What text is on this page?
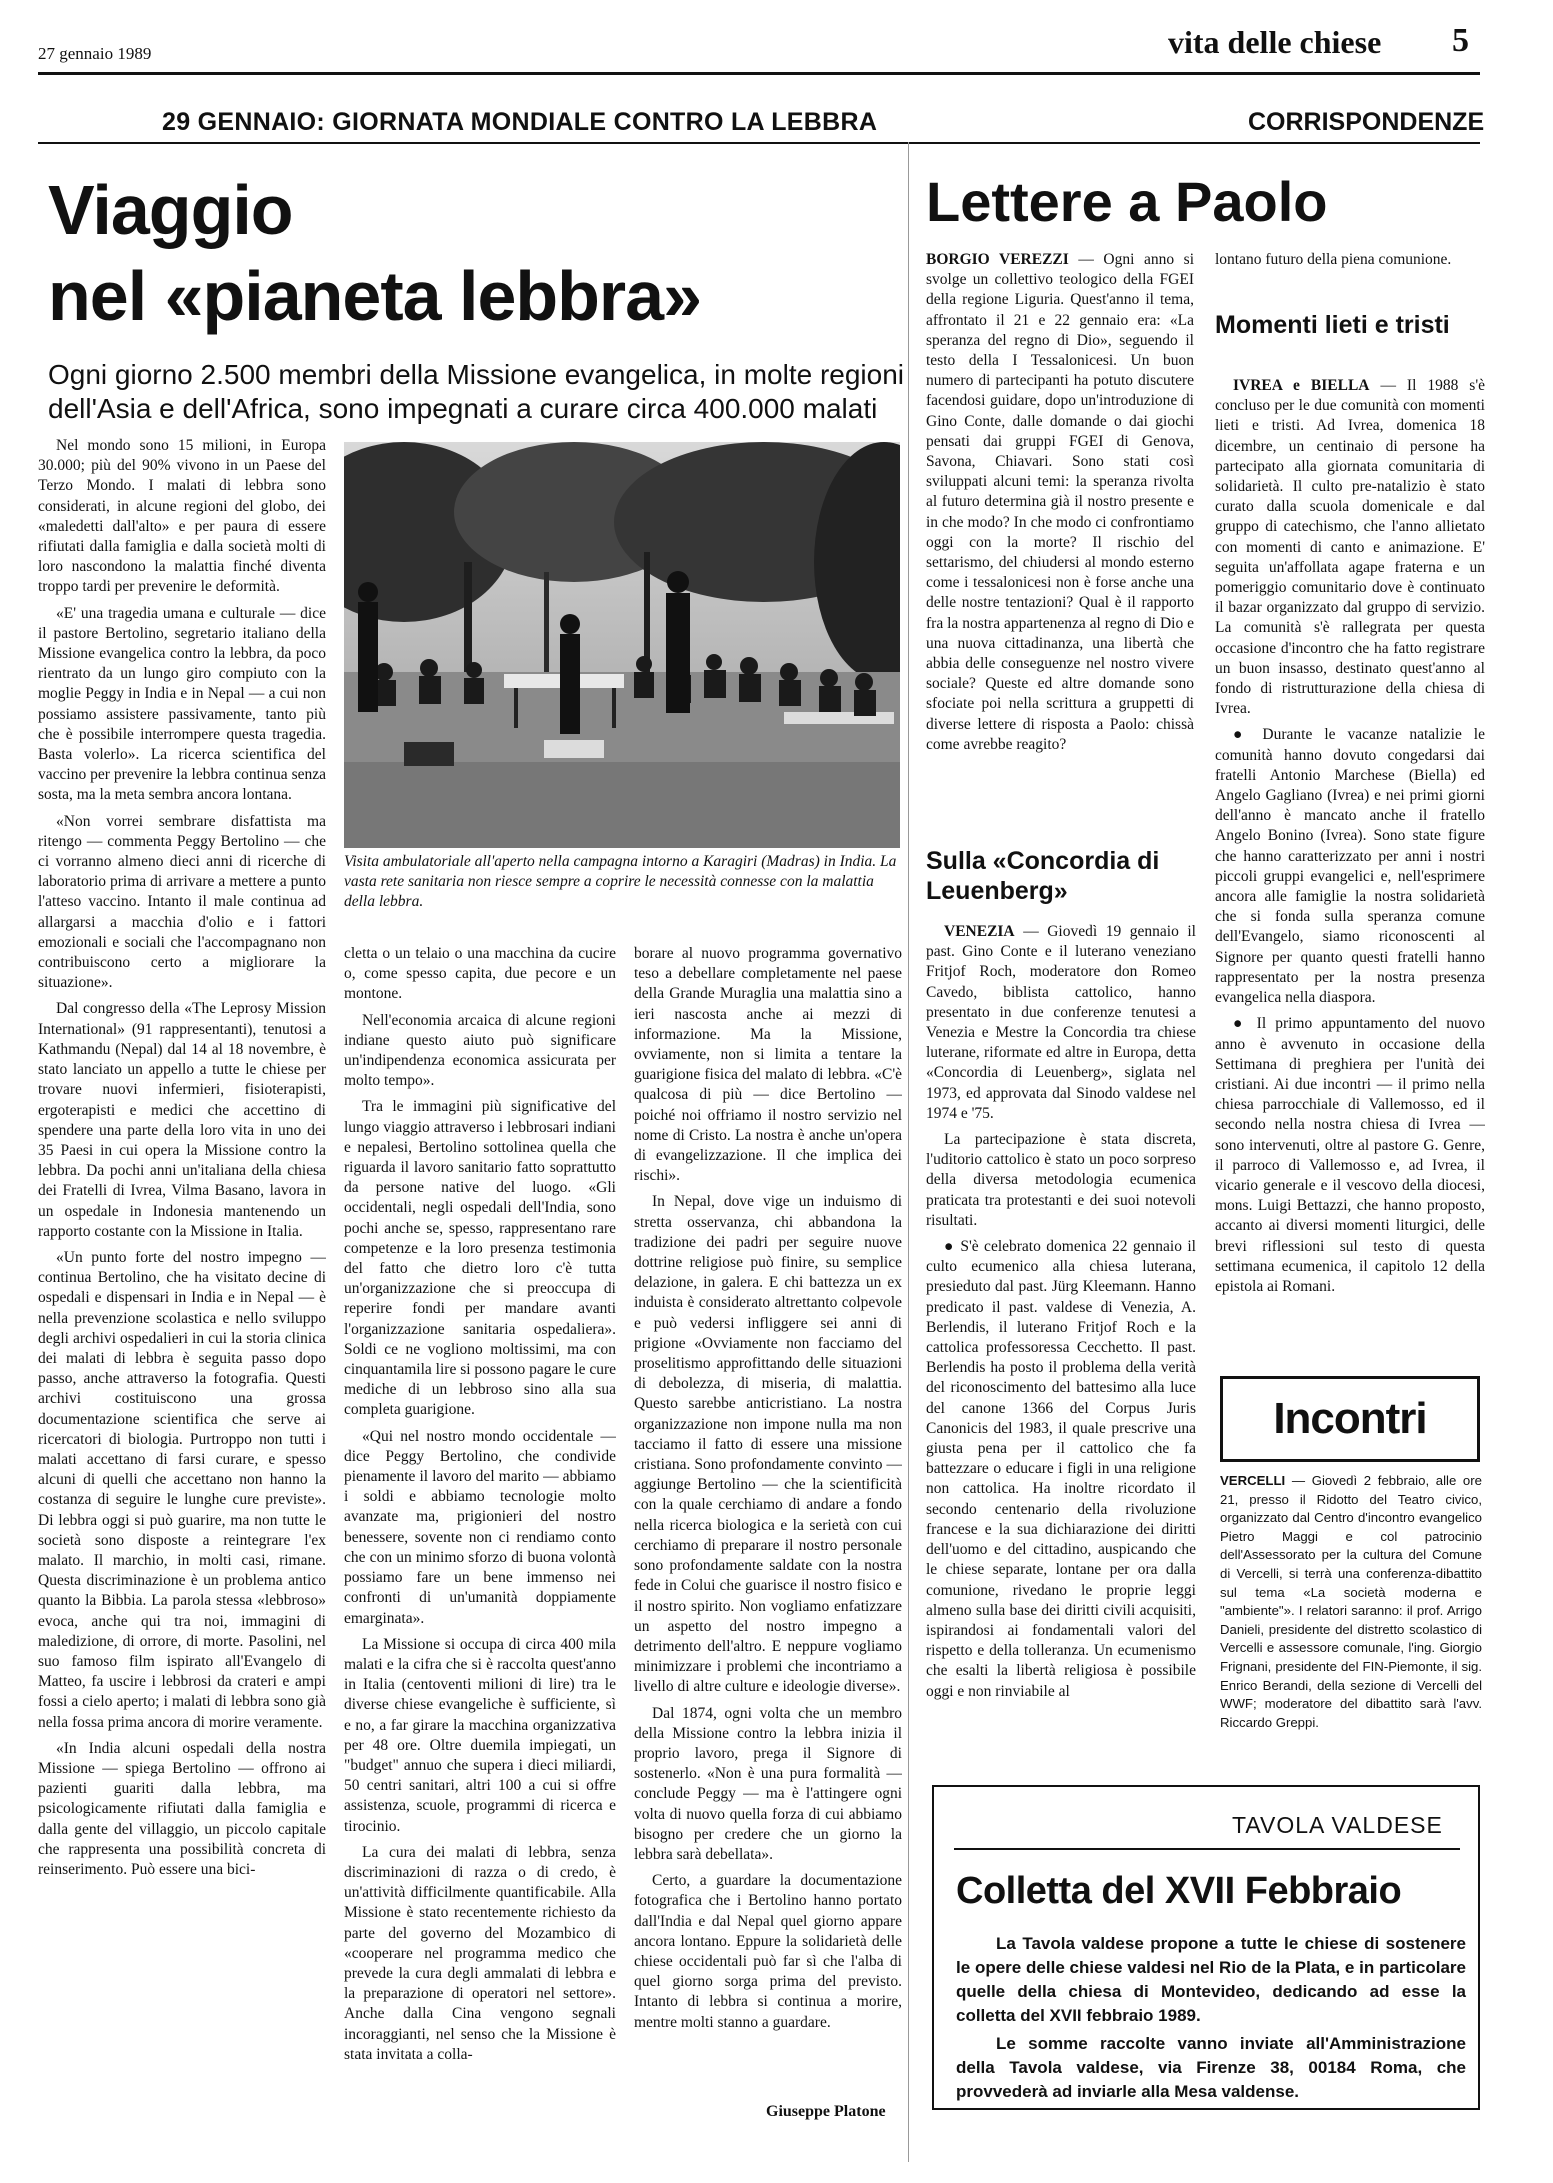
27 gennaio 1989	vita delle chiese 5
29 GENNAIO: GIORNATA MONDIALE CONTRO LA LEBBRA	CORRISPONDENZE
Viaggio
nel «pianeta lebbra»
Ogni giorno 2.500 membri della Missione evangelica, in molte regioni dell'Asia e dell'Africa, sono impegnati a curare circa 400.000 malati

Nel mondo sono 15 milioni, in Europa 30.000; più del 90% vivono in un Paese del Terzo Mondo. I malati di lebbra sono considerati, in alcune regioni del globo, dei «maledetti dall'alto» e per paura di essere rifiutati dalla famiglia e dalla società molti di loro nascondono la malattia finché diventa troppo tardi per prevenire le deformità.

«E' una tragedia umana e culturale — dice il pastore Bertolino, segretario italiano della Missione evangelica contro la lebbra, da poco rientrato da un lungo giro compiuto con la moglie Peggy in India e in Nepal — a cui non possiamo assistere passivamente, tanto più che è possibile interrompere questa tragedia. Basta volerlo». La ricerca scientifica del vaccino per prevenire la lebbra continua senza sosta, ma la meta sembra ancora lontana.

«Non vorrei sembrare disfattista ma ritengo — commenta Peggy Bertolino — che ci vorranno almeno dieci anni di ricerche di laboratorio prima di arrivare a mettere a punto l'atteso vaccino. Intanto il male continua ad allargarsi a macchia d'olio e i fattori emozionali e sociali che l'accompagnano non contribuiscono certo a migliorare la situazione».

Dal congresso della «The Leprosy Mission International» (91 rappresentanti), tenutosi a Kathmandu (Nepal) dal 14 al 18 novembre, è stato lanciato un appello a tutte le chiese per trovare nuovi infermieri, fisioterapisti, ergoterapisti e medici che accettino di spendere una parte della loro vita in uno dei 35 Paesi in cui opera la Missione contro la lebbra. Da pochi anni un'italiana della chiesa dei Fratelli di Ivrea, Vilma Basano, lavora in un ospedale in Indonesia mantenendo un rapporto costante con la Missione in Italia.

«Un punto forte del nostro impegno — continua Bertolino, che ha visitato decine di ospedali e dispensari in India e in Nepal — è nella prevenzione scolastica e nello sviluppo degli archivi ospedalieri in cui la storia clinica dei malati di lebbra è seguita passo dopo passo, anche attraverso la fotografia. Questi archivi costituiscono una grossa documentazione scientifica che serve ai ricercatori di biologia. Purtroppo non tutti i malati accettano di farsi curare, e spesso alcuni di quelli che accettano non hanno la costanza di seguire le lunghe cure previste». Di lebbra oggi si può guarire, ma non tutte le società sono disposte a reintegrare l'ex malato. Il marchio, in molti casi, rimane. Questa discriminazione è un problema antico quanto la Bibbia. La parola stessa «lebbroso» evoca, anche qui tra noi, immagini di maledizione, di orrore, di morte. Pasolini, nel suo famoso film ispirato all'Evangelo di Matteo, fa uscire i lebbrosi da crateri e ampi fossi a cielo aperto; i malati di lebbra sono già nella fossa prima ancora di morire veramente.

«In India alcuni ospedali della nostra Missione — spiega Bertolino — offrono ai pazienti guariti dalla lebbra, ma psicologicamente rifiutati dalla famiglia e dalla gente del villaggio, un piccolo capitale che rappresenta una possibilità concreta di reinserimento. Può essere una bici-

Visita ambulatoriale all'aperto nella campagna intorno a Karagiri (Madras) in India. La vasta rete sanitaria non riesce sempre a coprire le necessità connesse con la malattia della lebbra.

cletta o un telaio o una macchina da cucire o, come spesso capita, due pecore e un montone.

Nell'economia arcaica di alcune regioni indiane questo aiuto può significare un'indipendenza economica assicurata per molto tempo».

Tra le immagini più significative del lungo viaggio attraverso i lebbrosari indiani e nepalesi, Bertolino sottolinea quella che riguarda il lavoro sanitario fatto soprattutto da persone native del luogo. «Gli occidentali, negli ospedali dell'India, sono pochi anche se, spesso, rappresentano rare competenze e la loro presenza testimonia del fatto che dietro loro c'è tutta un'organizzazione che si preoccupa di reperire fondi per mandare avanti l'organizzazione sanitaria ospedaliera». Soldi ce ne vogliono moltissimi, ma con cinquantamila lire si possono pagare le cure mediche di un lebbroso sino alla sua completa guarigione.

«Qui nel nostro mondo occidentale — dice Peggy Bertolino, che condivide pienamente il lavoro del marito — abbiamo i soldi e abbiamo tecnologie molto avanzate ma, prigionieri del nostro benessere, sovente non ci rendiamo conto che con un minimo sforzo di buona volontà possiamo fare un bene immenso nei confronti di un'umanità doppiamente emarginata».

La Missione si occupa di circa 400 mila malati e la cifra che si è raccolta quest'anno in Italia (centoventi milioni di lire) tra le diverse chiese evangeliche è sufficiente, sì e no, a far girare la macchina organizzativa per 48 ore. Oltre duemila impiegati, un "budget" annuo che supera i dieci miliardi, 50 centri sanitari, altri 100 a cui si offre assistenza, scuole, programmi di ricerca e tirocinio.

La cura dei malati di lebbra, senza discriminazioni di razza o di credo, è un'attività difficilmente quantificabile. Alla Missione è stato recentemente richiesto da parte del governo del Mozambico di «cooperare nel programma medico che prevede la cura degli ammalati di lebbra e la preparazione di operatori nel settore». Anche dalla Cina vengono segnali incoraggianti, nel senso che la Missione è stata invitata a colla-

borare al nuovo programma governativo teso a debellare completamente nel paese della Grande Muraglia una malattia sino a ieri nascosta anche ai mezzi di informazione. Ma la Missione, ovviamente, non si limita a tentare la guarigione fisica del malato di lebbra. «C'è qualcosa di più — dice Bertolino — poiché noi offriamo il nostro servizio nel nome di Cristo. La nostra è anche un'opera di evangelizzazione. Il che implica dei rischi».

In Nepal, dove vige un induismo di stretta osservanza, chi abbandona la tradizione dei padri per seguire nuove dottrine religiose può finire, su semplice delazione, in galera. E chi battezza un ex induista è considerato altrettanto colpevole e può vedersi infliggere sei anni di prigione «Ovviamente non facciamo del proselitismo approfittando delle situazioni di debolezza, di miseria, di malattia. Questo sarebbe anticristiano. La nostra organizzazione non impone nulla ma non tacciamo il fatto di essere una missione cristiana. Sono profondamente convinto — aggiunge Bertolino — che la scientificità con la quale cerchiamo di andare a fondo nella ricerca biologica e la serietà con cui cerchiamo di preparare il nostro personale sono profondamente saldate con la nostra fede in Colui che guarisce il nostro fisico e il nostro spirito. Non vogliamo enfatizzare un aspetto del nostro impegno a detrimento dell'altro. E neppure vogliamo minimizzare i problemi che incontriamo a livello di altre culture e ideologie diverse».

Dal 1874, ogni volta che un membro della Missione contro la lebbra inizia il proprio lavoro, prega il Signore di sostenerlo. «Non è una pura formalità — conclude Peggy — ma è l'attingere ogni volta di nuovo quella forza di cui abbiamo bisogno per credere che un giorno la lebbra sarà debellata».

Certo, a guardare la documentazione fotografica che i Bertolino hanno portato dall'India e dal Nepal quel giorno appare ancora lontano. Eppure la solidarietà delle chiese occidentali può far sì che l'alba di quel giorno sorga prima del previsto. Intanto di lebbra si continua a morire, mentre molti stanno a guardare.

Giuseppe Platone
Lettere a Paolo

BORGIO VEREZZI — Ogni anno si svolge un collettivo teologico della FGEI della regione Liguria. Quest'anno il tema, affrontato il 21 e 22 gennaio era: «La speranza del regno di Dio», seguendo il testo della I Tessalonicesi. Un buon numero di partecipanti ha potuto discutere facendosi guidare, dopo un'introduzione di Gino Conte, dalle domande o dai giochi pensati dai gruppi FGEI di Genova, Savona, Chiavari. Sono stati così sviluppati alcuni temi: la speranza rivolta al futuro determina già il nostro presente e in che modo? In che modo ci confrontiamo oggi con la morte? Il rischio del settarismo, del chiudersi al mondo esterno come i tessalonicesi non è forse anche una delle nostre tentazioni? Qual è il rapporto fra la nostra appartenenza al regno di Dio e una nuova cittadinanza, una libertà che abbia delle conseguenze nel nostro vivere sociale? Queste ed altre domande sono sfociate poi nella scrittura a gruppetti di diverse lettere di risposta a Paolo: chissà come avrebbe reagito?

Sulla «Concordia di Leuenberg»

VENEZIA — Giovedì 19 gennaio il past. Gino Conte e il luterano veneziano Fritjof Roch, moderatore don Romeo Cavedo, biblista cattolico, hanno presentato in due conferenze tenutesi a Venezia e Mestre la Concordia tra chiese luterane, riformate ed altre in Europa, detta «Concordia di Leuenberg», siglata nel 1973, ed approvata dal Sinodo valdese nel 1974 e '75.

La partecipazione è stata discreta, l'uditorio cattolico è stato un poco sorpreso della diversa metodologia ecumenica praticata tra protestanti e dei suoi notevoli risultati.

● S'è celebrato domenica 22 gennaio il culto ecumenico alla chiesa luterana, presieduto dal past. Jürg Kleemann. Hanno predicato il past. valdese di Venezia, A. Berlendis, il luterano Fritjof Roch e la cattolica professoressa Cecchetto. Il past. Berlendis ha posto il problema della verità del riconoscimento del battesimo alla luce del canone 1366 del Corpus Juris Canonicis del 1983, il quale prescrive una giusta pena per il cattolico che fa battezzare o educare i figli in una religione non cattolica. Ha inoltre ricordato il secondo centenario della rivoluzione francese e la sua dichiarazione dei diritti dell'uomo e del cittadino, auspicando che le chiese separate, lontane per ora dalla comunione, rivedano le proprie leggi almeno sulla base dei diritti civili acquisiti, ispirandosi ai fondamentali valori del rispetto e della tolleranza. Un ecumenismo che esalti la libertà religiosa è possibile oggi e non rinviabile al

lontano futuro della piena comunione.

Momenti lieti e tristi

IVREA e BIELLA — Il 1988 s'è concluso per le due comunità con momenti lieti e tristi. Ad Ivrea, domenica 18 dicembre, un centinaio di persone ha partecipato alla giornata comunitaria di solidarietà. Il culto pre-natalizio è stato curato dalla scuola domenicale e dal gruppo di catechismo, che l'anno allietato con momenti di canto e animazione. E' seguita un'affollata agape fraterna e un pomeriggio comunitario dove è continuato il bazar organizzato dal gruppo di servizio. La comunità s'è rallegrata per questa occasione d'incontro che ha fatto registrare un buon insasso, destinato quest'anno al fondo di ristrutturazione della chiesa di Ivrea.

● Durante le vacanze natalizie le comunità hanno dovuto congedarsi dai fratelli Antonio Marchese (Biella) ed Angelo Gagliano (Ivrea) e nei primi giorni dell'anno è mancato anche il fratello Angelo Bonino (Ivrea). Sono state figure che hanno caratterizzato per anni i nostri piccoli gruppi evangelici e, nell'esprimere ancora alle famiglie la nostra solidarietà che si fonda sulla speranza comune dell'Evangelo, siamo riconoscenti al Signore per quanto questi fratelli hanno rappresentato per la nostra presenza evangelica nella diaspora.

● Il primo appuntamento del nuovo anno è avvenuto in occasione della Settimana di preghiera per l'unità dei cristiani. Ai due incontri — il primo nella chiesa parrocchiale di Vallemosso, ed il secondo nella nostra chiesa di Ivrea — sono intervenuti, oltre al pastore G. Genre, il parroco di Vallemosso e, ad Ivrea, il vicario generale e il vescovo della diocesi, mons. Luigi Bettazzi, che hanno proposto, accanto ai diversi momenti liturgici, delle brevi riflessioni sul testo di questa settimana ecumenica, il capitolo 12 della epistola ai Romani.

Incontri
VERCELLI — Giovedì 2 febbraio, alle ore 21, presso il Ridotto del Teatro civico, organizzato dal Centro d'incontro evangelico Pietro Maggi e col patrocinio dell'Assessorato per la cultura del Comune di Vercelli, si terrà una conferenza-dibattito sul tema «La società moderna e "ambiente"». I relatori saranno: il prof. Arrigo Danieli, presidente del distretto scolastico di Vercelli e assessore comunale, l'ing. Giorgio Frignani, presidente del FIN-Piemonte, il sig. Enrico Berandi, della sezione di Vercelli del WWF; moderatore del dibattito sarà l'avv. Riccardo Greppi.
TAVOLA VALDESE
Colletta del XVII Febbraio

La Tavola valdese propone a tutte le chiese di sostenere le opere delle chiese valdesi nel Rio de la Plata, e in particolare quelle della chiesa di Montevideo, dedicando ad esse la colletta del XVII febbraio 1989.

Le somme raccolte vanno inviate all'Amministrazione della Tavola valdese, via Firenze 38, 00184 Roma, che provvederà ad inviarle alla Mesa valdense.
